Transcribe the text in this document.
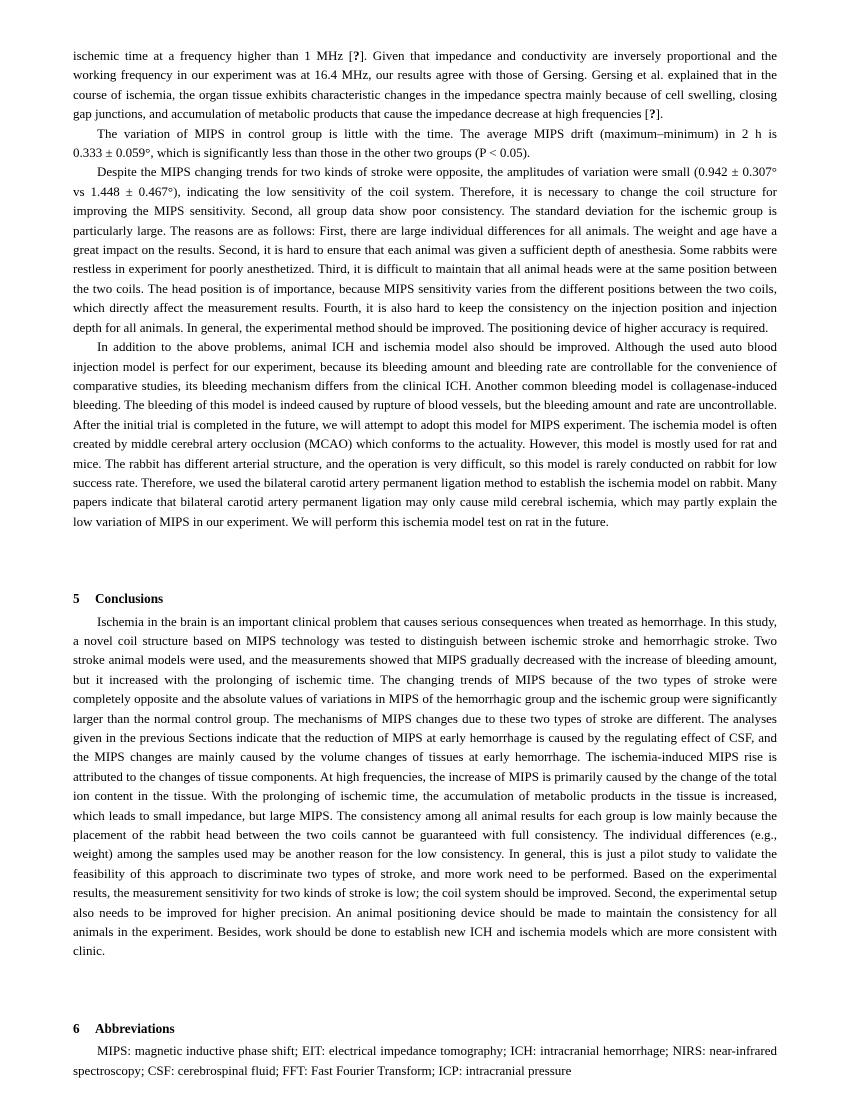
ischemic time at a frequency higher than 1 MHz [?]. Given that impedance and conductivity are inversely proportional and the working frequency in our experiment was at 16.4 MHz, our results agree with those of Gersing. Gersing et al. explained that in the course of ischemia, the organ tissue exhibits characteristic changes in the impedance spectra mainly because of cell swelling, closing gap junctions, and accumulation of metabolic products that cause the impedance decrease at high frequencies [?].

The variation of MIPS in control group is little with the time. The average MIPS drift (maximum–minimum) in 2 h is 0.333 ± 0.059°, which is significantly less than those in the other two groups (P < 0.05).

Despite the MIPS changing trends for two kinds of stroke were opposite, the amplitudes of variation were small (0.942 ± 0.307° vs 1.448 ± 0.467°), indicating the low sensitivity of the coil system. Therefore, it is necessary to change the coil structure for improving the MIPS sensitivity. Second, all group data show poor consistency. The standard deviation for the ischemic group is particularly large. The reasons are as follows: First, there are large individual differences for all animals. The weight and age have a great impact on the results. Second, it is hard to ensure that each animal was given a sufficient depth of anesthesia. Some rabbits were restless in experiment for poorly anesthetized. Third, it is difficult to maintain that all animal heads were at the same position between the two coils. The head position is of importance, because MIPS sensitivity varies from the different positions between the two coils, which directly affect the measurement results. Fourth, it is also hard to keep the consistency on the injection position and injection depth for all animals. In general, the experimental method should be improved. The positioning device of higher accuracy is required.

In addition to the above problems, animal ICH and ischemia model also should be improved. Although the used auto blood injection model is perfect for our experiment, because its bleeding amount and bleeding rate are controllable for the convenience of comparative studies, its bleeding mechanism differs from the clinical ICH. Another common bleeding model is collagenase-induced bleeding. The bleeding of this model is indeed caused by rupture of blood vessels, but the bleeding amount and rate are uncontrollable. After the initial trial is completed in the future, we will attempt to adopt this model for MIPS experiment. The ischemia model is often created by middle cerebral artery occlusion (MCAO) which conforms to the actuality. However, this model is mostly used for rat and mice. The rabbit has different arterial structure, and the operation is very difficult, so this model is rarely conducted on rabbit for low success rate. Therefore, we used the bilateral carotid artery permanent ligation method to establish the ischemia model on rabbit. Many papers indicate that bilateral carotid artery permanent ligation may only cause mild cerebral ischemia, which may partly explain the low variation of MIPS in our experiment. We will perform this ischemia model test on rat in the future.

5 Conclusions

Ischemia in the brain is an important clinical problem that causes serious consequences when treated as hemorrhage. In this study, a novel coil structure based on MIPS technology was tested to distinguish between ischemic stroke and hemorrhagic stroke. Two stroke animal models were used, and the measurements showed that MIPS gradually decreased with the increase of bleeding amount, but it increased with the prolonging of ischemic time. The changing trends of MIPS because of the two types of stroke were completely opposite and the absolute values of variations in MIPS of the hemorrhagic group and the ischemic group were significantly larger than the normal control group. The mechanisms of MIPS changes due to these two types of stroke are different. The analyses given in the previous Sections indicate that the reduction of MIPS at early hemorrhage is caused by the regulating effect of CSF, and the MIPS changes are mainly caused by the volume changes of tissues at early hemorrhage. The ischemia-induced MIPS rise is attributed to the changes of tissue components. At high frequencies, the increase of MIPS is primarily caused by the change of the total ion content in the tissue. With the prolonging of ischemic time, the accumulation of metabolic products in the tissue is increased, which leads to small impedance, but large MIPS. The consistency among all animal results for each group is low mainly because the placement of the rabbit head between the two coils cannot be guaranteed with full consistency. The individual differences (e.g., weight) among the samples used may be another reason for the low consistency. In general, this is just a pilot study to validate the feasibility of this approach to discriminate two types of stroke, and more work need to be performed. Based on the experimental results, the measurement sensitivity for two kinds of stroke is low; the coil system should be improved. Second, the experimental setup also needs to be improved for higher precision. An animal positioning device should be made to maintain the consistency for all animals in the experiment. Besides, work should be done to establish new ICH and ischemia models which are more consistent with clinic.

6 Abbreviations

MIPS: magnetic inductive phase shift; EIT: electrical impedance tomography; ICH: intracranial hemorrhage; NIRS: near-infrared spectroscopy; CSF: cerebrospinal fluid; FFT: Fast Fourier Transform; ICP: intracranial pressure
